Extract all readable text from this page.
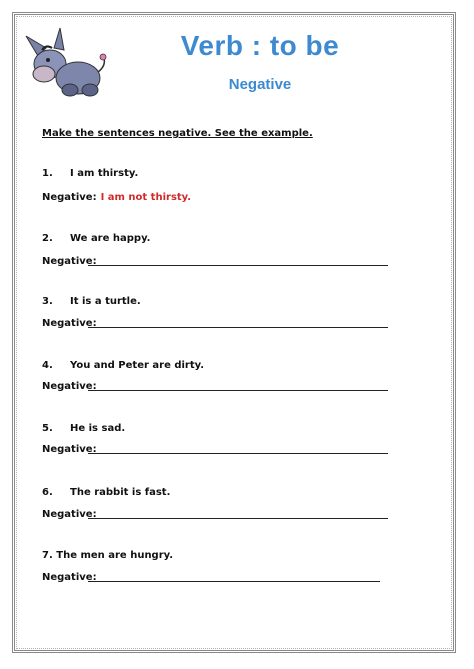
Verb : to be
Negative
Make the sentences negative. See the example.
1. I am thirsty.
Negative: I am not thirsty.
2. We are happy.
Negative:
3. It is a turtle.
Negative:
4. You and Peter are dirty.
Negative:
5. He is sad.
Negative:
6. The rabbit is fast.
Negative:
7. The men are hungry.
Negative:
